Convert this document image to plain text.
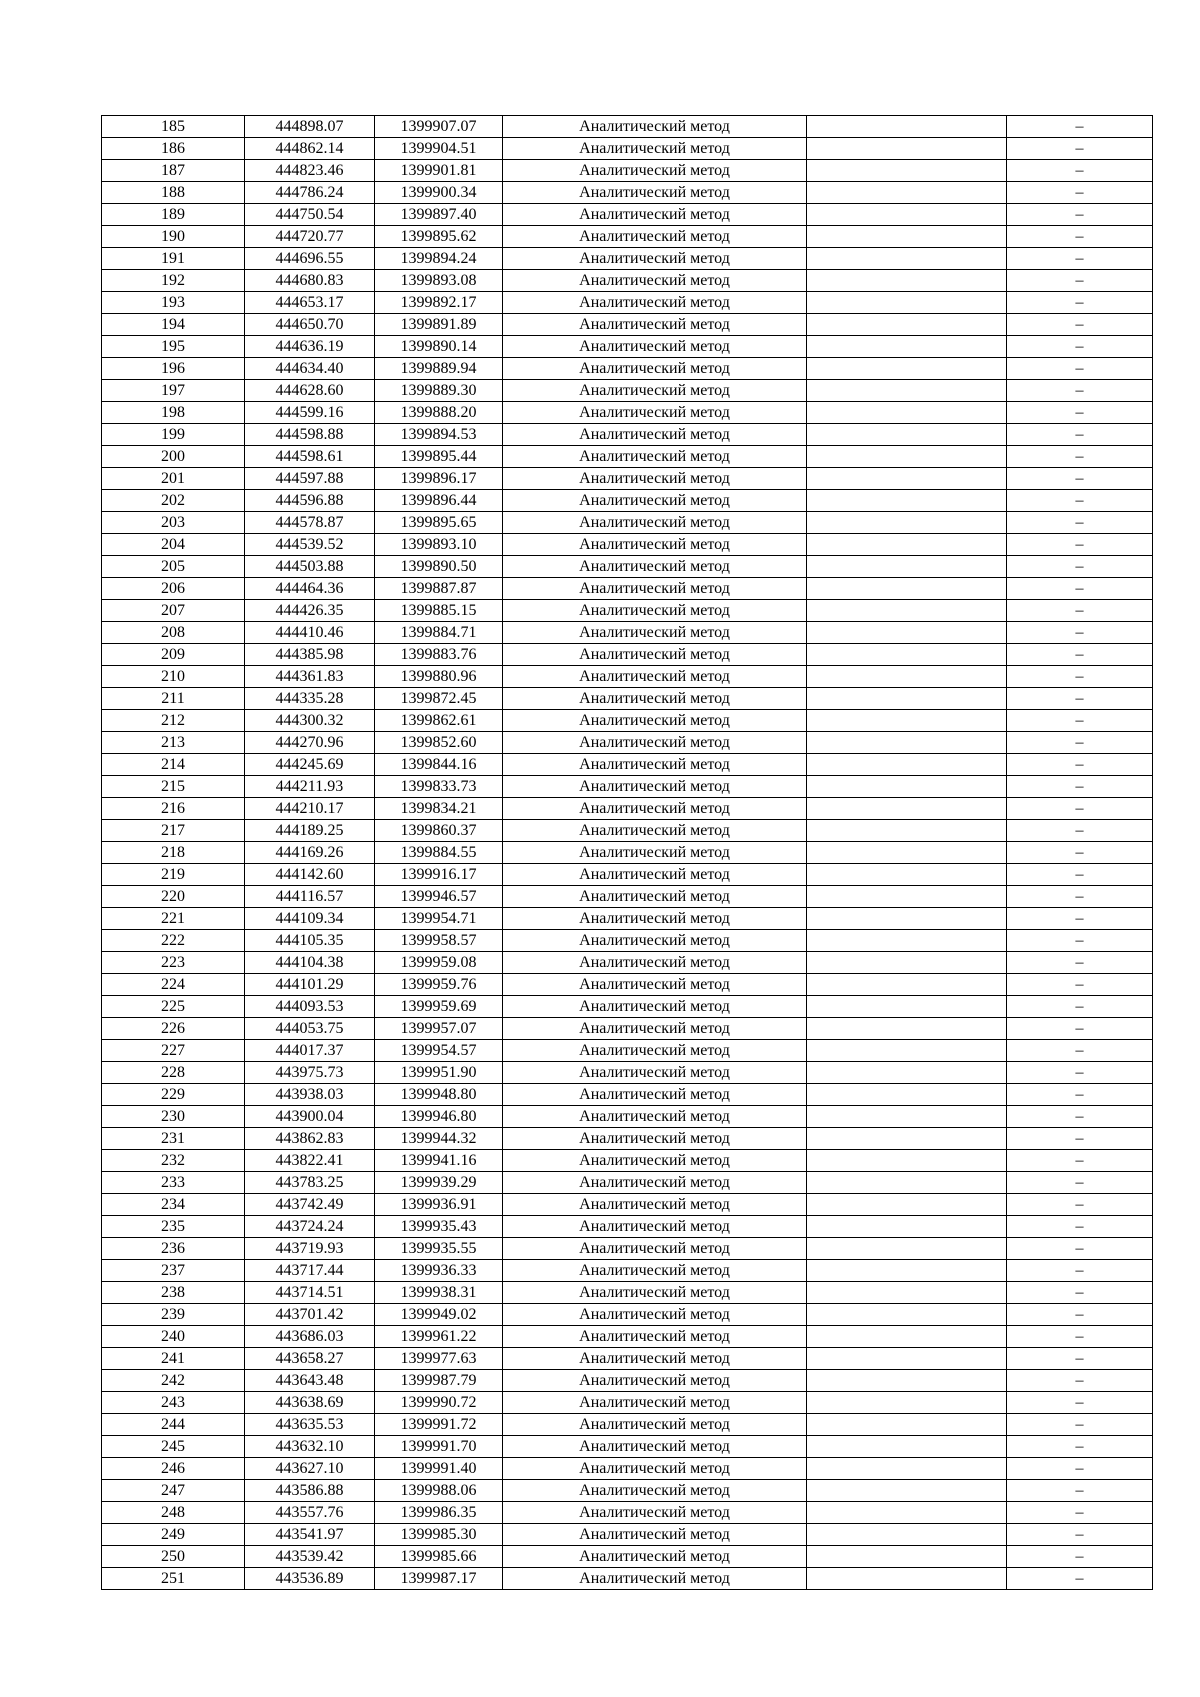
185	444898.07	1399907.07	Аналитический метод		–
186	444862.14	1399904.51	Аналитический метод		–
187	444823.46	1399901.81	Аналитический метод		–
188	444786.24	1399900.34	Аналитический метод		–
189	444750.54	1399897.40	Аналитический метод		–
190	444720.77	1399895.62	Аналитический метод		–
191	444696.55	1399894.24	Аналитический метод		–
192	444680.83	1399893.08	Аналитический метод		–
193	444653.17	1399892.17	Аналитический метод		–
194	444650.70	1399891.89	Аналитический метод		–
195	444636.19	1399890.14	Аналитический метод		–
196	444634.40	1399889.94	Аналитический метод		–
197	444628.60	1399889.30	Аналитический метод		–
198	444599.16	1399888.20	Аналитический метод		–
199	444598.88	1399894.53	Аналитический метод		–
200	444598.61	1399895.44	Аналитический метод		–
201	444597.88	1399896.17	Аналитический метод		–
202	444596.88	1399896.44	Аналитический метод		–
203	444578.87	1399895.65	Аналитический метод		–
204	444539.52	1399893.10	Аналитический метод		–
205	444503.88	1399890.50	Аналитический метод		–
206	444464.36	1399887.87	Аналитический метод		–
207	444426.35	1399885.15	Аналитический метод		–
208	444410.46	1399884.71	Аналитический метод		–
209	444385.98	1399883.76	Аналитический метод		–
210	444361.83	1399880.96	Аналитический метод		–
211	444335.28	1399872.45	Аналитический метод		–
212	444300.32	1399862.61	Аналитический метод		–
213	444270.96	1399852.60	Аналитический метод		–
214	444245.69	1399844.16	Аналитический метод		–
215	444211.93	1399833.73	Аналитический метод		–
216	444210.17	1399834.21	Аналитический метод		–
217	444189.25	1399860.37	Аналитический метод		–
218	444169.26	1399884.55	Аналитический метод		–
219	444142.60	1399916.17	Аналитический метод		–
220	444116.57	1399946.57	Аналитический метод		–
221	444109.34	1399954.71	Аналитический метод		–
222	444105.35	1399958.57	Аналитический метод		–
223	444104.38	1399959.08	Аналитический метод		–
224	444101.29	1399959.76	Аналитический метод		–
225	444093.53	1399959.69	Аналитический метод		–
226	444053.75	1399957.07	Аналитический метод		–
227	444017.37	1399954.57	Аналитический метод		–
228	443975.73	1399951.90	Аналитический метод		–
229	443938.03	1399948.80	Аналитический метод		–
230	443900.04	1399946.80	Аналитический метод		–
231	443862.83	1399944.32	Аналитический метод		–
232	443822.41	1399941.16	Аналитический метод		–
233	443783.25	1399939.29	Аналитический метод		–
234	443742.49	1399936.91	Аналитический метод		–
235	443724.24	1399935.43	Аналитический метод		–
236	443719.93	1399935.55	Аналитический метод		–
237	443717.44	1399936.33	Аналитический метод		–
238	443714.51	1399938.31	Аналитический метод		–
239	443701.42	1399949.02	Аналитический метод		–
240	443686.03	1399961.22	Аналитический метод		–
241	443658.27	1399977.63	Аналитический метод		–
242	443643.48	1399987.79	Аналитический метод		–
243	443638.69	1399990.72	Аналитический метод		–
244	443635.53	1399991.72	Аналитический метод		–
245	443632.10	1399991.70	Аналитический метод		–
246	443627.10	1399991.40	Аналитический метод		–
247	443586.88	1399988.06	Аналитический метод		–
248	443557.76	1399986.35	Аналитический метод		–
249	443541.97	1399985.30	Аналитический метод		–
250	443539.42	1399985.66	Аналитический метод		–
251	443536.89	1399987.17	Аналитический метод		–
